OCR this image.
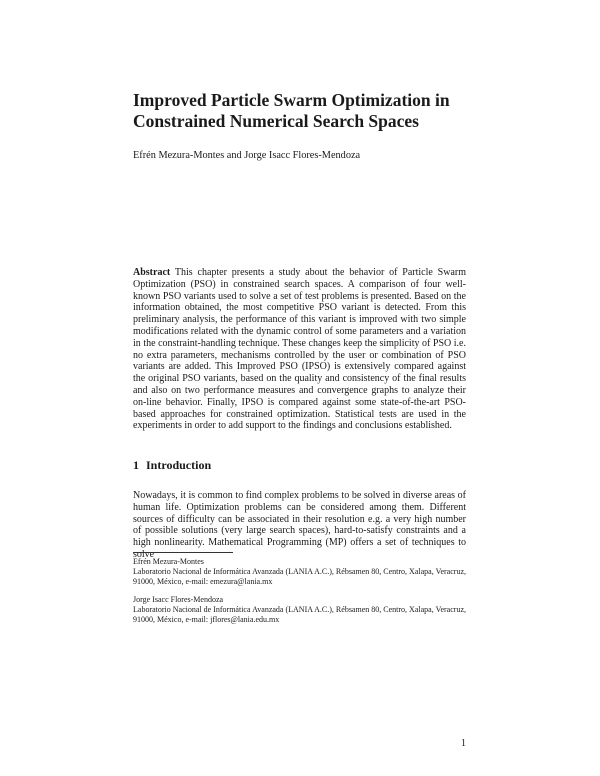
Improved Particle Swarm Optimization in
Constrained Numerical Search Spaces

Efrén Mezura-Montes and Jorge Isacc Flores-Mendoza

Abstract This chapter presents a study about the behavior of Particle Swarm Optimization (PSO) in constrained search spaces. A comparison of four well-known PSO variants used to solve a set of test problems is presented. Based on the information obtained, the most competitive PSO variant is detected. From this preliminary analysis, the performance of this variant is improved with two simple modifications related with the dynamic control of some parameters and a variation in the constraint-handling technique. These changes keep the simplicity of PSO i.e. no extra parameters, mechanisms controlled by the user or combination of PSO variants are added. This Improved PSO (IPSO) is extensively compared against the original PSO variants, based on the quality and consistency of the final results and also on two performance measures and convergence graphs to analyze their on-line behavior. Finally, IPSO is compared against some state-of-the-art PSO-based approaches for constrained optimization. Statistical tests are used in the experiments in order to add support to the findings and conclusions established.

1 Introduction

Nowadays, it is common to find complex problems to be solved in diverse areas of human life. Optimization problems can be considered among them. Different sources of difficulty can be associated in their resolution e.g. a very high number of possible solutions (very large search spaces), hard-to-satisfy constraints and a high nonlinearity. Mathematical Programming (MP) offers a set of techniques to solve

Efrén Mezura-Montes
Laboratorio Nacional de Informática Avanzada (LANIA A.C.), Rébsamen 80, Centro, Xalapa, Veracruz, 91000, México, e-mail: emezura@lania.mx

Jorge Isacc Flores-Mendoza
Laboratorio Nacional de Informática Avanzada (LANIA A.C.), Rébsamen 80, Centro, Xalapa, Veracruz, 91000, México, e-mail: jflores@lania.edu.mx

1
